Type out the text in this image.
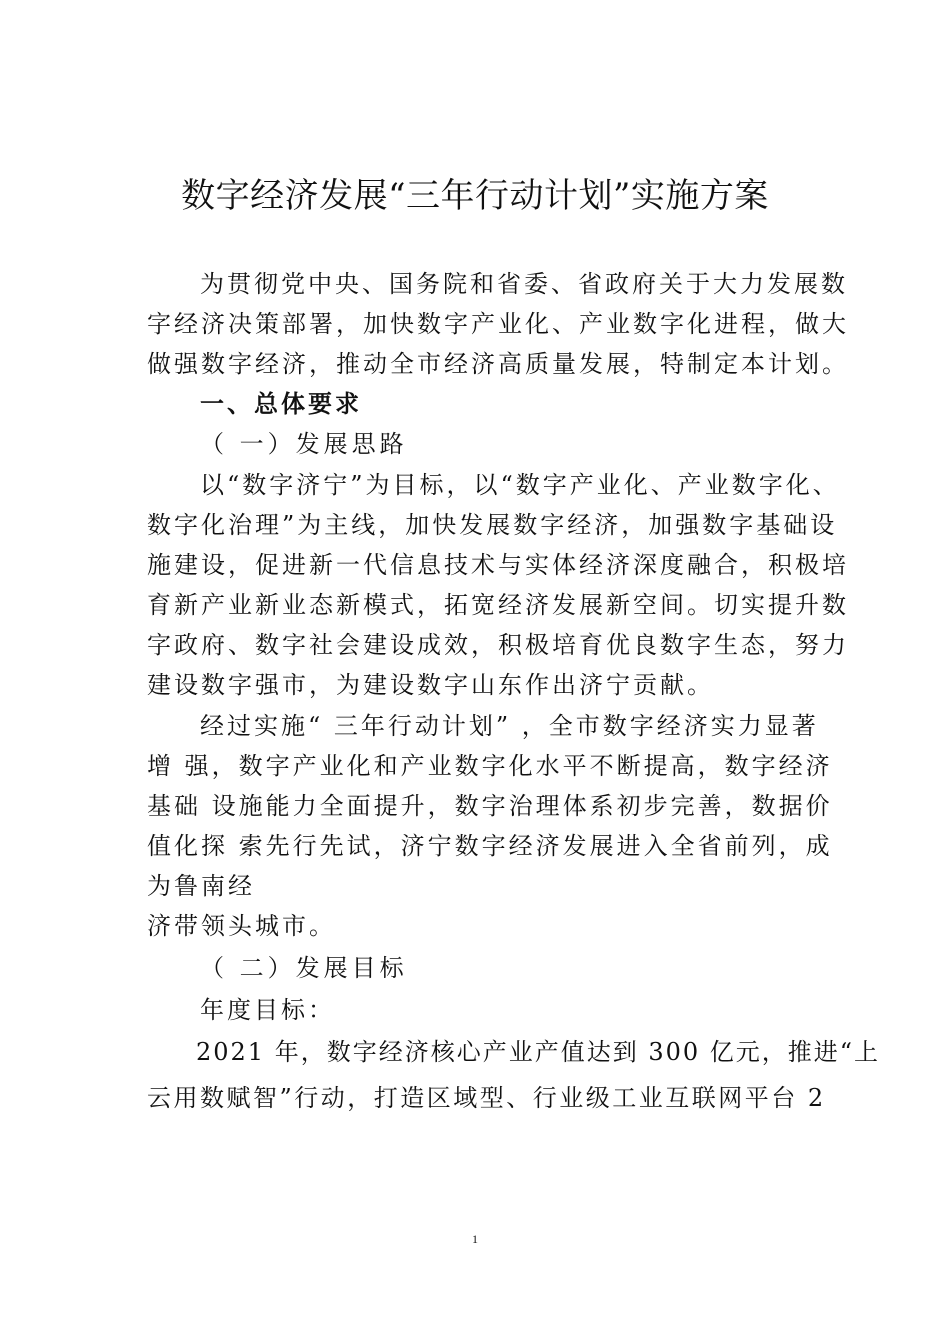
数字经济发展“三年行动计划”实施方案
为贯彻党中央、国务院和省委、省政府关于大力发展数
字经济决策部署，加快数字产业化、产业数字化进程，做大
做强数字经济，推动全市经济高质量发展，特制定本计划。
一、总体要求
（ 一）发展思路
以“数字济宁”为目标，以“数字产业化、产业数字化、
数字化治理”为主线，加快发展数字经济，加强数字基础设
施建设，促进新一代信息技术与实体经济深度融合，积极培
育新产业新业态新模式，拓宽经济发展新空间。切实提升数
字政府、数字社会建设成效，积极培育优良数字生态，努力
建设数字强市，为建设数字山东作出济宁贡献。
经过实施“ 三年行动计划” ，全市数字经济实力显著
增 强，数字产业化和产业数字化水平不断提高，数字经济
基础 设施能力全面提升，数字治理体系初步完善，数据价
值化探 索先行先试，济宁数字经济发展进入全省前列，成
为鲁南经
济带领头城市。
（ 二）发展目标
年度目标：
2021 年，数字经济核心产业产值达到 300 亿元，推进“上
云用数赋智”行动，打造区域型、行业级工业互联网平台 2
1
